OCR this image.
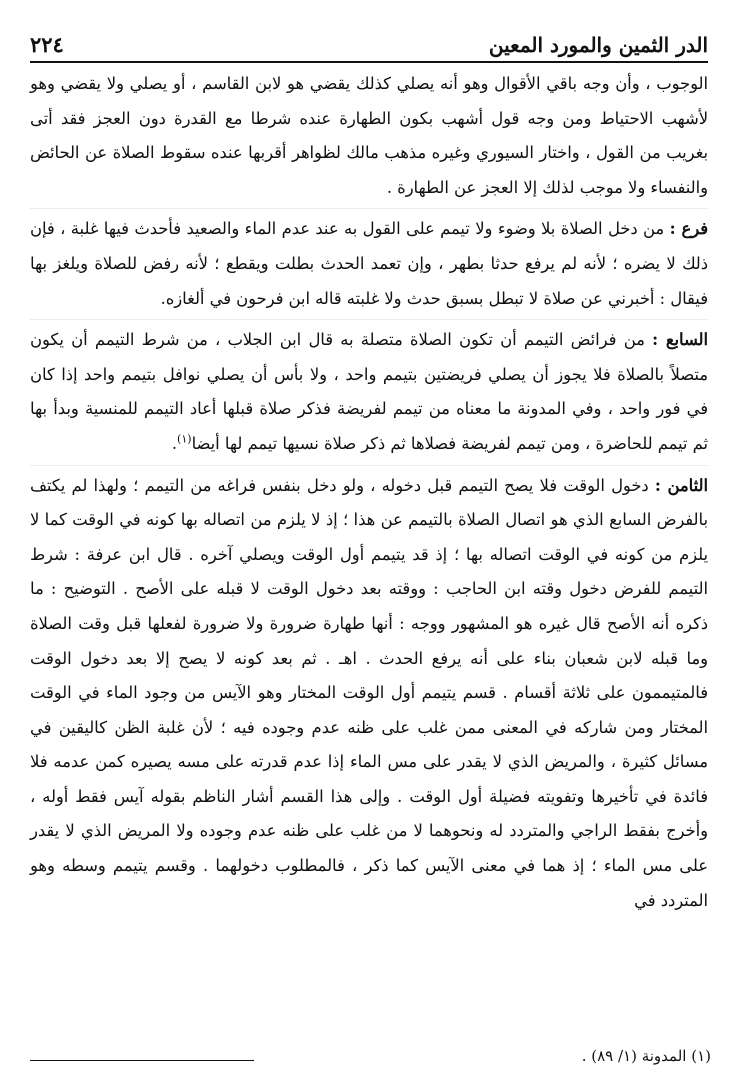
الدر الثمين والمورد المعين
٢٢٤

الوجوب ، وأن وجه باقي الأقوال وهو أنه يصلي كذلك يقضي هو لابن القاسم ، أو يصلي ولا يقضي وهو لأشهب الاحتياط ومن وجه قول أشهب بكون الطهارة عنده شرطا مع القدرة دون العجز فقد أتى بغريب من القول ، واختار السيوري وغيره مذهب مالك لظواهر أقربها عنده سقوط الصلاة عن الحائض والنفساء ولا موجب لذلك إلا العجز عن الطهارة .

فرع : من دخل الصلاة بلا وضوء ولا تيمم على القول به عند عدم الماء والصعيد فأحدث فيها غلبة ، فإن ذلك لا يضره ؛ لأنه لم يرفع حدثا بطهر ، وإن تعمد الحدث بطلت ويقطع ؛ لأنه رفض للصلاة ويلغز بها فيقال : أخبرني عن صلاة لا تبطل بسبق حدث ولا غلبته قاله ابن فرحون في ألغازه.

السابع : من فرائض التيمم أن تكون الصلاة متصلة به قال ابن الجلاب ، من شرط التيمم أن يكون متصلاً بالصلاة فلا يجوز أن يصلي فريضتين بتيمم واحد ، ولا بأس أن يصلي نوافل بتيمم واحد إذا كان في فور واحد ، وفي المدونة ما معناه من تيمم لفريضة فذكر صلاة قبلها أعاد التيمم للمنسية وبدأ بها ثم تيمم للحاضرة ، ومن تيمم لفريضة فصلاها ثم ذكر صلاة نسيها تيمم لها أيضا$^{(١)}$.

الثامن : دخول الوقت فلا يصح التيمم قبل دخوله ، ولو دخل بنفس فراغه من التيمم ؛ ولهذا لم يكتف بالفرض السابع الذي هو اتصال الصلاة بالتيمم عن هذا ؛ إذ لا يلزم من اتصاله بها كونه في الوقت كما لا يلزم من كونه في الوقت اتصاله بها ؛ إذ قد يتيمم أول الوقت ويصلي آخره . قال ابن عرفة : شرط التيمم للفرض دخول وقته ابن الحاجب : ووقته بعد دخول الوقت لا قبله على الأصح . التوضيح : ما ذكره أنه الأصح قال غيره هو المشهور ووجه : أنها طهارة ضرورة ولا ضرورة لفعلها قبل وقت الصلاة وما قبله لابن شعبان بناء على أنه يرفع الحدث . اهـ . ثم بعد كونه لا يصح إلا بعد دخول الوقت فالمتيممون على ثلاثة أقسام . قسم يتيمم أول الوقت المختار وهو الآيس من وجود الماء في الوقت المختار ومن شاركه في المعنى ممن غلب على ظنه عدم وجوده فيه ؛ لأن غلبة الظن كاليقين في مسائل كثيرة ، والمريض الذي لا يقدر على مس الماء إذا عدم قدرته على مسه يصيره كمن عدمه فلا فائدة في تأخيرها وتفويته فضيلة أول الوقت . وإلى هذا القسم أشار الناظم بقوله آيس فقط أوله ، وأخرج بفقط الراجي والمتردد له ونحوهما لا من غلب على ظنه عدم وجوده ولا المريض الذي لا يقدر على مس الماء ؛ إذ هما في معنى الآيس كما ذكر ، فالمطلوب دخولهما . وقسم يتيمم وسطه وهو المتردد في

(١) المدونة (١/ ٨٩) .
